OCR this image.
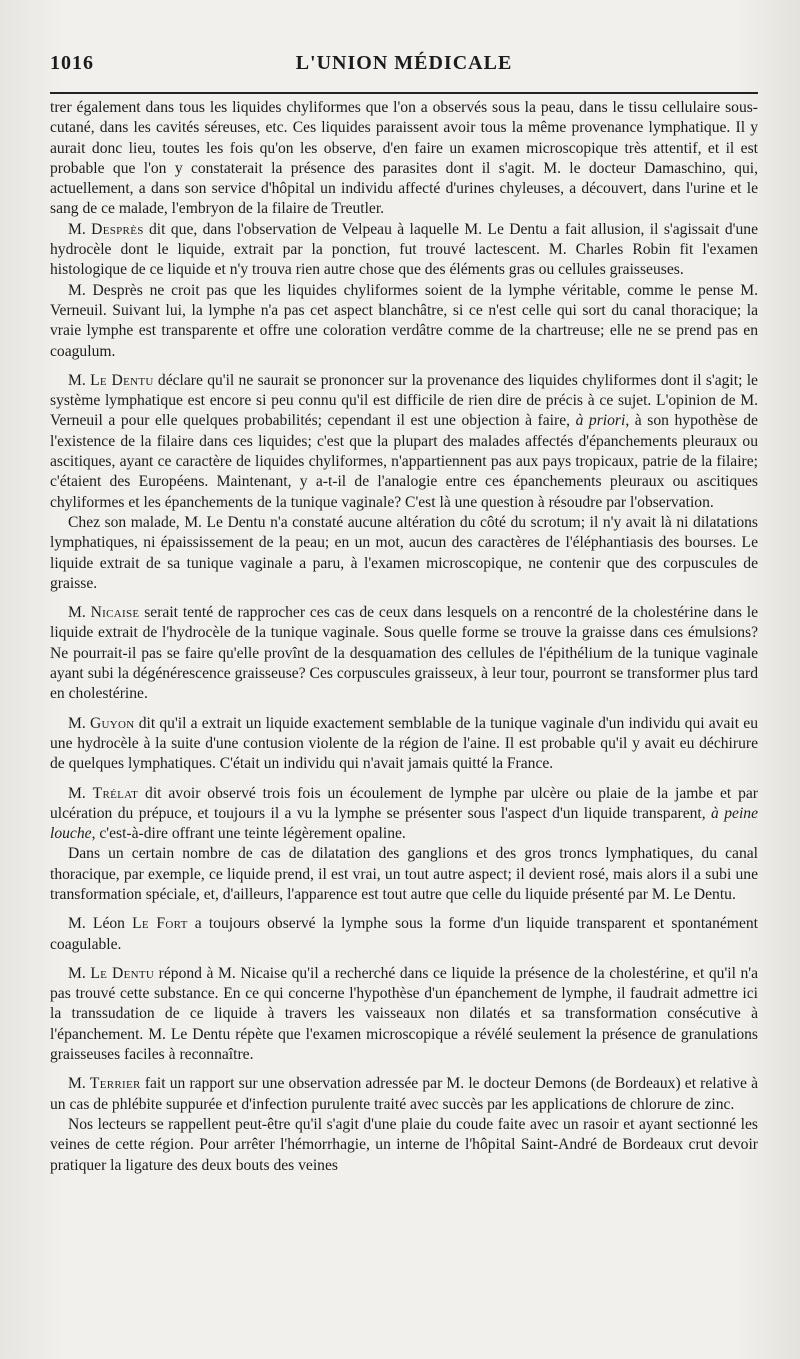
1016	L'UNION MÉDICALE

trer également dans tous les liquides chyliformes que l'on a observés sous la peau, dans le tissu cellulaire sous-cutané, dans les cavités séreuses, etc. Ces liquides paraissent avoir tous la même provenance lymphatique. Il y aurait donc lieu, toutes les fois qu'on les observe, d'en faire un examen microscopique très attentif, et il est probable que l'on y constaterait la présence des parasites dont il s'agit. M. le docteur Damaschino, qui, actuellement, a dans son service d'hôpital un individu affecté d'urines chyleuses, a découvert, dans l'urine et le sang de ce malade, l'embryon de la filaire de Treutler.

M. Desprès dit que, dans l'observation de Velpeau à laquelle M. Le Dentu a fait allusion, il s'agissait d'une hydrocèle dont le liquide, extrait par la ponction, fut trouvé lactescent. M. Charles Robin fit l'examen histologique de ce liquide et n'y trouva rien autre chose que des éléments gras ou cellules graisseuses.

M. Desprès ne croit pas que les liquides chyliformes soient de la lymphe véritable, comme le pense M. Verneuil. Suivant lui, la lymphe n'a pas cet aspect blanchâtre, si ce n'est celle qui sort du canal thoracique; la vraie lymphe est transparente et offre une coloration verdâtre comme de la chartreuse; elle ne se prend pas en coagulum.

M. Le Dentu déclare qu'il ne saurait se prononcer sur la provenance des liquides chyliformes dont il s'agit; le système lymphatique est encore si peu connu qu'il est difficile de rien dire de précis à ce sujet. L'opinion de M. Verneuil a pour elle quelques probabilités; cependant il est une objection à faire, à priori, à son hypothèse de l'existence de la filaire dans ces liquides; c'est que la plupart des malades affectés d'épanchements pleuraux ou ascitiques, ayant ce caractère de liquides chyliformes, n'appartiennent pas aux pays tropicaux, patrie de la filaire; c'étaient des Européens. Maintenant, y a-t-il de l'analogie entre ces épanchements pleuraux ou ascitiques chyliformes et les épanchements de la tunique vaginale? C'est là une question à résoudre par l'observation.

Chez son malade, M. Le Dentu n'a constaté aucune altération du côté du scrotum; il n'y avait là ni dilatations lymphatiques, ni épaississement de la peau; en un mot, aucun des caractères de l'éléphantiasis des bourses. Le liquide extrait de sa tunique vaginale a paru, à l'examen microscopique, ne contenir que des corpuscules de graisse.

M. Nicaise serait tenté de rapprocher ces cas de ceux dans lesquels on a rencontré de la cholestérine dans le liquide extrait de l'hydrocèle de la tunique vaginale. Sous quelle forme se trouve la graisse dans ces émulsions? Ne pourrait-il pas se faire qu'elle provînt de la desquamation des cellules de l'épithélium de la tunique vaginale ayant subi la dégénérescence graisseuse? Ces corpuscules graisseux, à leur tour, pourront se transformer plus tard en cholestérine.

M. Guyon dit qu'il a extrait un liquide exactement semblable de la tunique vaginale d'un individu qui avait eu une hydrocèle à la suite d'une contusion violente de la région de l'aine. Il est probable qu'il y avait eu déchirure de quelques lymphatiques. C'était un individu qui n'avait jamais quitté la France.

M. Trélat dit avoir observé trois fois un écoulement de lymphe par ulcère ou plaie de la jambe et par ulcération du prépuce, et toujours il a vu la lymphe se présenter sous l'aspect d'un liquide transparent, à peine louche, c'est-à-dire offrant une teinte légèrement opaline.

Dans un certain nombre de cas de dilatation des ganglions et des gros troncs lymphatiques, du canal thoracique, par exemple, ce liquide prend, il est vrai, un tout autre aspect; il devient rosé, mais alors il a subi une transformation spéciale, et, d'ailleurs, l'apparence est tout autre que celle du liquide présenté par M. Le Dentu.

M. Léon Le Fort a toujours observé la lymphe sous la forme d'un liquide transparent et spontanément coagulable.

M. Le Dentu répond à M. Nicaise qu'il a recherché dans ce liquide la présence de la cholestérine, et qu'il n'a pas trouvé cette substance. En ce qui concerne l'hypothèse d'un épanchement de lymphe, il faudrait admettre ici la transsudation de ce liquide à travers les vaisseaux non dilatés et sa transformation consécutive à l'épanchement. M. Le Dentu répète que l'examen microscopique a révélé seulement la présence de granulations graisseuses faciles à reconnaître.

M. Terrier fait un rapport sur une observation adressée par M. le docteur Demons (de Bordeaux) et relative à un cas de phlébite suppurée et d'infection purulente traité avec succès par les applications de chlorure de zinc.

Nos lecteurs se rappellent peut-être qu'il s'agit d'une plaie du coude faite avec un rasoir et ayant sectionné les veines de cette région. Pour arrêter l'hémorrhagie, un interne de l'hôpital Saint-André de Bordeaux crut devoir pratiquer la ligature des deux bouts des veines
